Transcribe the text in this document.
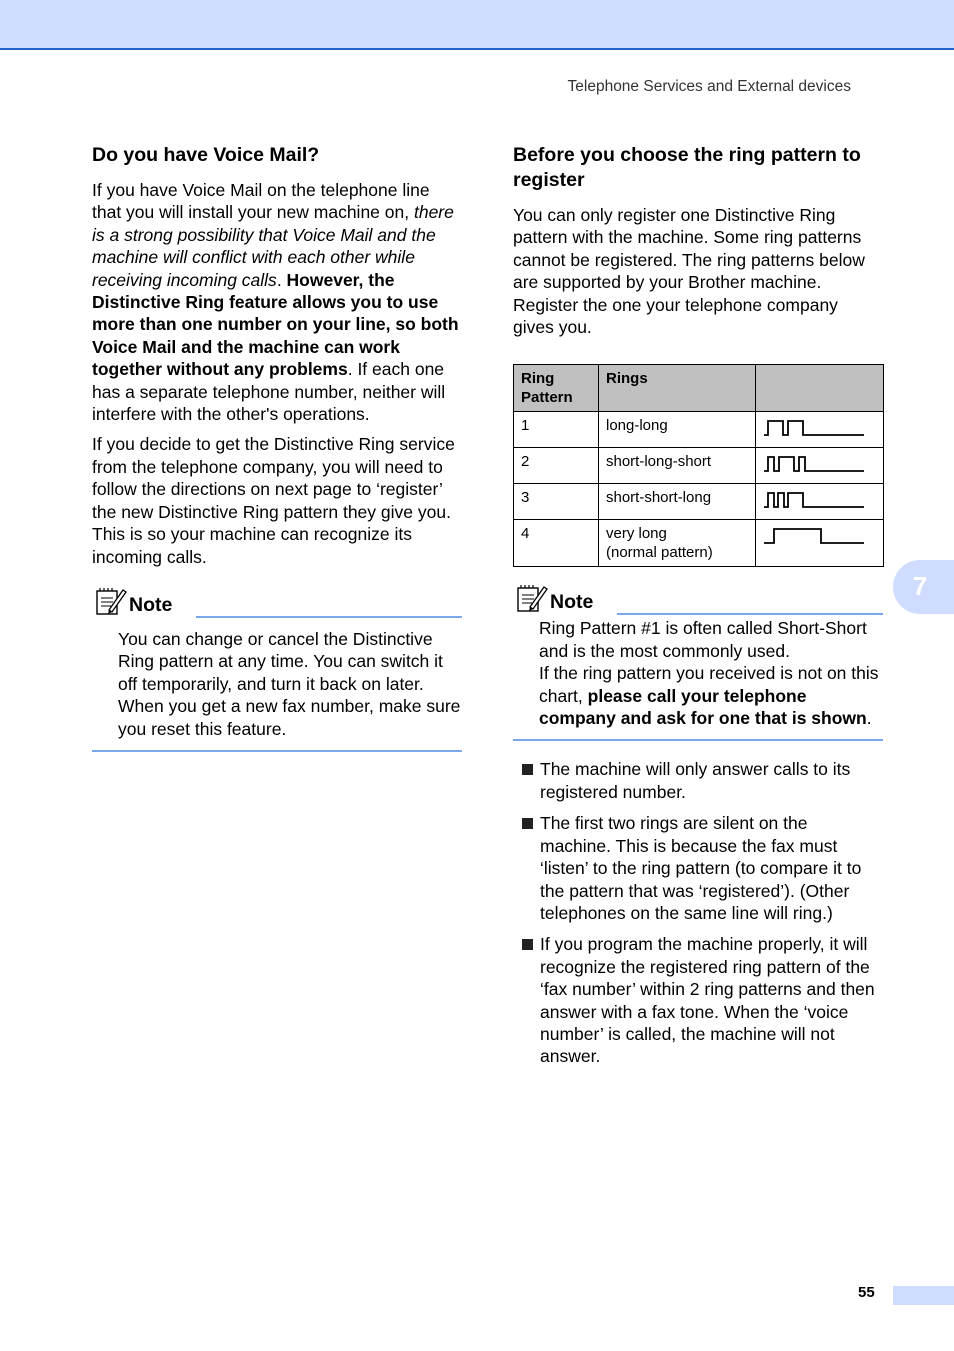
Telephone Services and External devices
Do you have Voice Mail?

If you have Voice Mail on the telephone line that you will install your new machine on, there is a strong possibility that Voice Mail and the machine will conflict with each other while receiving incoming calls. However, the Distinctive Ring feature allows you to use more than one number on your line, so both Voice Mail and the machine can work together without any problems. If each one has a separate telephone number, neither will interfere with the other's operations.

If you decide to get the Distinctive Ring service from the telephone company, you will need to follow the directions on next page to ‘register’ the new Distinctive Ring pattern they give you. This is so your machine can recognize its incoming calls.

Note

You can change or cancel the Distinctive Ring pattern at any time. You can switch it off temporarily, and turn it back on later. When you get a new fax number, make sure you reset this feature.

Before you choose the ring pattern to register

You can only register one Distinctive Ring pattern with the machine. Some ring patterns cannot be registered. The ring patterns below are supported by your Brother machine. Register the one your telephone company gives you.

Ring Pattern	Rings	
1	long-long	
2	short-long-short	
3	short-short-long	
4	very long
(normal pattern)	
Note

Ring Pattern #1 is often called Short-Short and is the most commonly used.
If the ring pattern you received is not on this chart, please call your telephone company and ask for one that is shown.

The machine will only answer calls to its registered number.
The first two rings are silent on the machine. This is because the fax must ‘listen’ to the ring pattern (to compare it to the pattern that was ‘registered’). (Other telephones on the same line will ring.)
If you program the machine properly, it will recognize the registered ring pattern of the ‘fax number’ within 2 ring patterns and then answer with a fax tone. When the ‘voice number’ is called, the machine will not answer.
7
55
